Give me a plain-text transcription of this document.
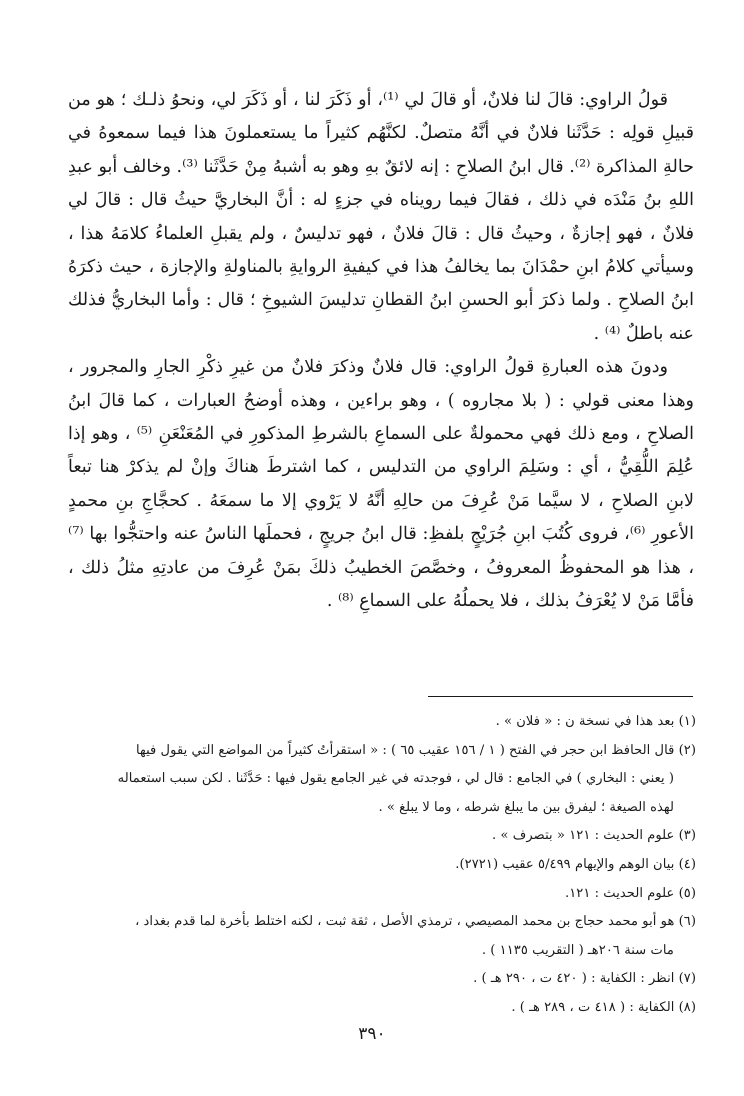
قولُ الراوي: قالَ لنا فلانٌ، أو قالَ لي ⁽¹⁾، أو ذَكَرَ لنا ، أو ذَكَرَ لي، ونحوُ ذلـك ؛ هو من قبيلِ قولِه : حَدَّثَنا فلانٌ في أنَّهُ متصلٌ. لكنَّهُم كثيراً ما يستعملونَ هذا فيما سمعوهُ في حالةِ المذاكرة ⁽²⁾. قال ابنُ الصلاحِ : إنه لائقٌ بهِ وهو به أشبهُ مِنْ حَدَّثَنا ⁽³⁾. وخالف أبو عبدِ اللهِ بنُ مَنْدَه في ذلك ، فقالَ فيما رويناه في جزءٍ له : أنَّ البخاريَّ حيثُ قال : قالَ لي فلانٌ ، فهو إجازةٌ ، وحيثُ قال : قالَ فلانٌ ، فهو تدليسٌ ، ولم يقبلِ العلماءُ كلامَهُ هذا ، وسيأتي كلامُ ابنِ حمْدَانَ بما يخالفُ هذا في كيفيةِ الروايةِ بالمناولةِ والإجازة ، حيث ذكرَهُ ابنُ الصلاحِ . ولما ذكرَ أبو الحسنِ ابنُ القطانِ تدليسَ الشيوخِ ؛ قال : وأما البخاريُّ فذلك عنه باطلٌ ⁽⁴⁾ .

ودونَ هذه العبارةِ قولُ الراوي: قال فلانٌ وذكرَ فلانٌ من غيرِ ذكْرِ الجارِ والمجرور ، وهذا معنى قولي : ( بلا مجاروه ) ، وهو براءين ، وهذه أوضحُ العبارات ، كما قالَ ابنُ الصلاحِ ، ومع ذلك فهي محمولةٌ على السماعِ بالشرطِ المذكورِ في المُعَنْعَنِ ⁽⁵⁾ ، وهو إذا عُلِمَ اللُّقِيُّ ، أي : وسَلِمَ الراوي من التدليس ، كما اشترطَ هناكَ وإنْ لم يذكرْ هنا تبعاً لابنِ الصلاحِ ، لا سيَّما مَنْ عُرِفَ من حالِهِ أنَّهُ لا يَرْوي إلا ما سمعَهُ . كحجَّاجِ بنِ محمدٍ الأعورِ ⁽⁶⁾، فروى كُتُبَ ابنِ جُرَيْجٍ بلفظِ: قال ابنُ جريجٍ ، فحملَها الناسُ عنه واحتجُّوا بها ⁽⁷⁾ ، هذا هو المحفوظُ المعروفُ ، وخصَّصَ الخطيبُ ذلكَ بمَنْ عُرِفَ من عادتِهِ مثلُ ذلك ، فأمَّا مَنْ لا يُعْرَفُ بذلك ، فلا يحملُهُ على السماعِ ⁽⁸⁾ .

(١) بعد هذا في نسخة ن : « فلان » .
(٢) قال الحافظ ابن حجر في الفتح ( ١ / ١٥٦ عقيب ٦٥ ) : « استقرأتُ كثيراً من المواضع التي يقول فيها
( يعني : البخاري ) في الجامع : قال لي ، فوجدته في غير الجامع يقول فيها : حَدَّثَنا . لكن سبب استعماله
لهذه الصيغة ؛ ليفرق بين ما يبلغ شرطه ، وما لا يبلغ » .
(٣) علوم الحديث : ١٢١ « بتصرف » .
(٤) بيان الوهم والإيهام ٥/٤٩٩ عقيب (٢٧٢١).
(٥) علوم الحديث : ١٢١.
(٦) هو أبو محمد حجاج بن محمد المصيصي ، ترمذي الأصل ، ثقة ثبت ، لكنه اختلط بأخرة لما قدم بغداد ،
مات سنة ٢٠٦هـ ( التقريب ١١٣٥ ) .
(٧) انظر : الكفاية : ( ٤٢٠ ت ، ٢٩٠ هـ ) .
(٨) الكفاية : ( ٤١٨ ت ، ٢٨٩ هـ ) .
٣٩٠
